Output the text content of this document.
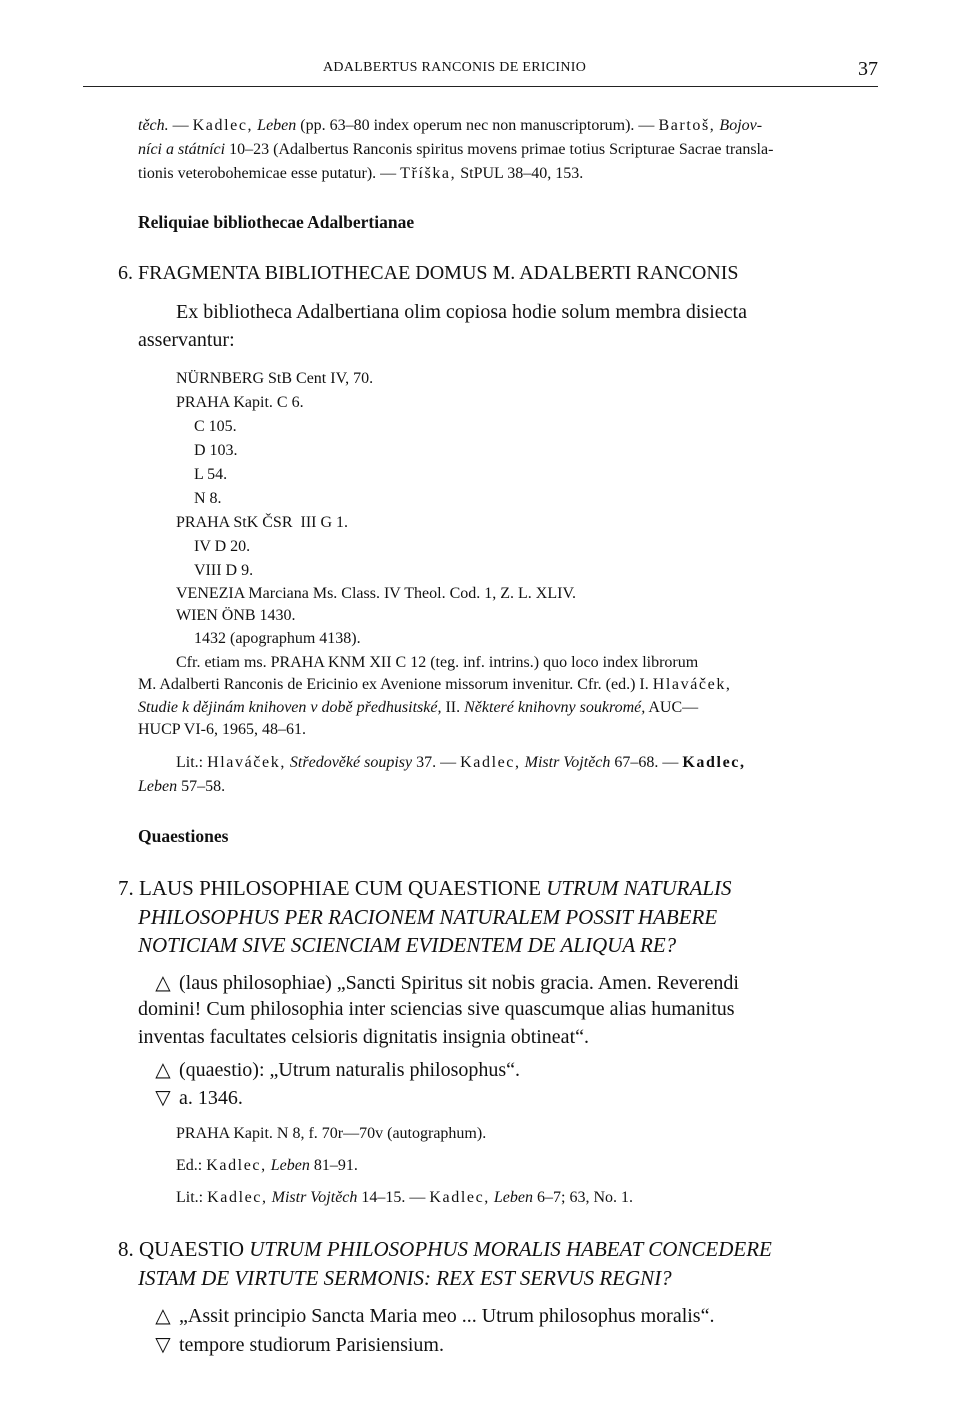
ADALBERTUS RANCONIS DE ERICINIO	37
těch. — Kadlec, Leben (pp. 63–80 index operum nec non manuscriptorum). — Bartoš, Bojov-
níci a státníci 10–23 (Adalbertus Ranconis spiritus movens primae totius Scripturae Sacrae transla-
tionis veterobohemicae esse putatur). — Tříška, StPUL 38–40, 153.
Reliquiae bibliothecae Adalbertianae
6. FRAGMENTA BIBLIOTHECAE DOMUS M. ADALBERTI RANCONIS
Ex bibliotheca Adalbertiana olim copiosa hodie solum membra disiecta
asservantur:
NÜRNBERG StB Cent IV, 70.
PRAHA Kapit. C 6.
C 105.
D 103.
L 54.
N 8.
PRAHA StK ČSR  III G 1.
IV D 20.
VIII D 9.
VENEZIA Marciana Ms. Class. IV Theol. Cod. 1, Z. L. XLIV.
WIEN ÖNB 1430.
1432 (apographum 4138).
Cfr. etiam ms. PRAHA KNM XII C 12 (teg. inf. intrins.) quo loco index librorum
M. Adalberti Ranconis de Ericinio ex Avenione missorum invenitur. Cfr. (ed.) I. Hlaváček,
Studie k dějinám knihoven v době předhusitské, II. Některé knihovny soukromé, AUC—
HUCP VI-6, 1965, 48–61.
Lit.: Hlaváček, Středověké soupisy 37. — Kadlec, Mistr Vojtěch 67–68. — Kadlec,
Leben 57–58.
Quaestiones
7. LAUS PHILOSOPHIAE CUM QUAESTIONE UTRUM NATURALIS
PHILOSOPHUS PER RACIONEM NATURALEM POSSIT HABERE
NOTICIAM SIVE SCIENCIAM EVIDENTEM DE ALIQUA RE?
△ (laus philosophiae) „Sancti Spiritus sit nobis gracia. Amen. Reverendi
domini! Cum philosophia inter sciencias sive quascumque alias humanitus
inventas facultates celsioris dignitatis insignia obtineat“.
△ (quaestio): „Utrum naturalis philosophus“.
▽ a. 1346.
PRAHA Kapit. N 8, f. 70r—70v (autographum).
Ed.: Kadlec, Leben 81–91.
Lit.: Kadlec, Mistr Vojtěch 14–15. — Kadlec, Leben 6–7; 63, No. 1.
8. QUAESTIO UTRUM PHILOSOPHUS MORALIS HABEAT CONCEDERE
ISTAM DE VIRTUTE SERMONIS: REX EST SERVUS REGNI?
△ „Assit principio Sancta Maria meo ... Utrum philosophus moralis“.
▽ tempore studiorum Parisiensium.
